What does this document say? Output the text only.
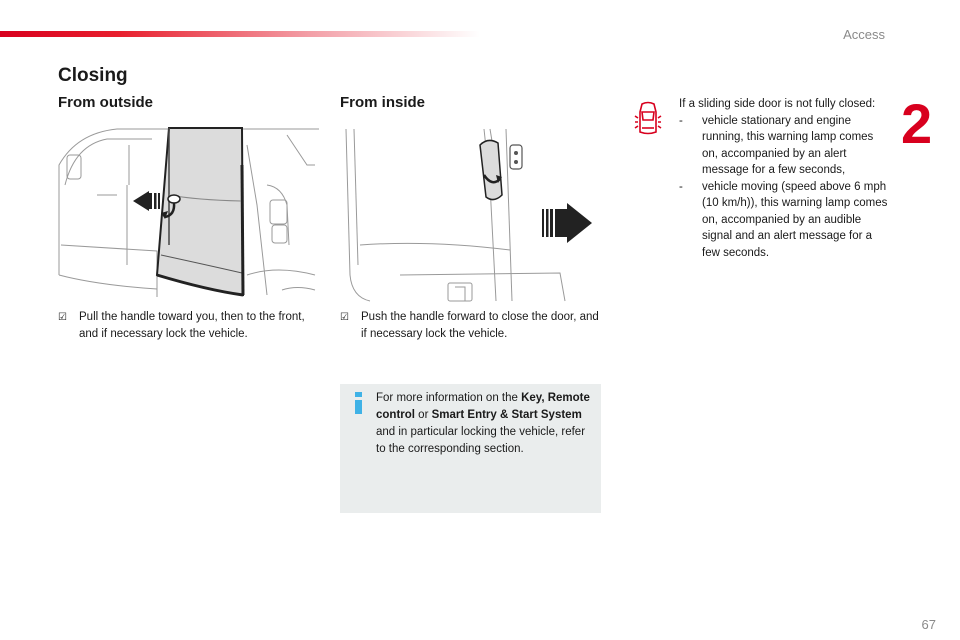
Access
2
Closing
From outside
☑ Pull the handle toward you, then to the front, and if necessary lock the vehicle.
From inside
☑ Push the handle forward to close the door, and if necessary lock the vehicle.
For more information on the Key, Remote control or Smart Entry & Start System and in particular locking the vehicle, refer to the corresponding section.
If a sliding side door is not fully closed:
- vehicle stationary and engine running, this warning lamp comes on, accompanied by an alert message for a few seconds,
- vehicle moving (speed above 6 mph (10 km/h)), this warning lamp comes on, accompanied by an audible signal and an alert message for a few seconds.
67
